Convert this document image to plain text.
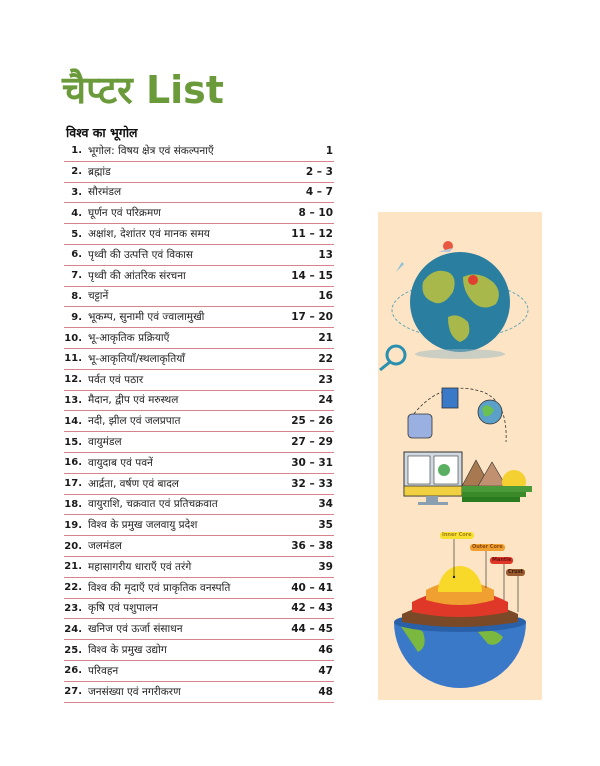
चैप्टर List
विश्व का भूगोल
1. भूगोल: विषय क्षेत्र एवं संकल्पनाएँ	1
2. ब्रह्मांड	2 – 3
3. सौरमंडल	4 – 7
4. घूर्णन एवं परिक्रमण	8 – 10
5. अक्षांश, देशांतर एवं मानक समय	11 – 12
6. पृथ्वी की उत्पत्ति एवं विकास	13
7. पृथ्वी की आंतरिक संरचना	14 – 15
8. चट्टानें	16
9. भूकम्प, सुनामी एवं ज्वालामुखी	17 – 20
10. भू-आकृतिक प्रक्रियाएँ	21
11. भू-आकृतियाँ/स्थलाकृतियाँ	22
12. पर्वत एवं पठार	23
13. मैदान, द्वीप एवं मरुस्थल	24
14. नदी, झील एवं जलप्रपात	25 – 26
15. वायुमंडल	27 – 29
16. वायुदाब एवं पवनें	30 – 31
17. आर्द्रता, वर्षण एवं बादल	32 – 33
18. वायुराशि, चक्रवात एवं प्रतिचक्रवात	34
19. विश्व के प्रमुख जलवायु प्रदेश	35
20. जलमंडल	36 – 38
21. महासागरीय धाराएँ एवं तरंगे	39
22. विश्व की मृदाएँ एवं प्राकृतिक वनस्पति	40 – 41
23. कृषि एवं पशुपालन	42 – 43
24. खनिज एवं ऊर्जा संसाधन	44 – 45
25. विश्व के प्रमुख उद्योग	46
26. परिवहन	47
27. जनसंख्या एवं नगरीकरण	48
Inner Core
Outer Core
Mantle
Crust
